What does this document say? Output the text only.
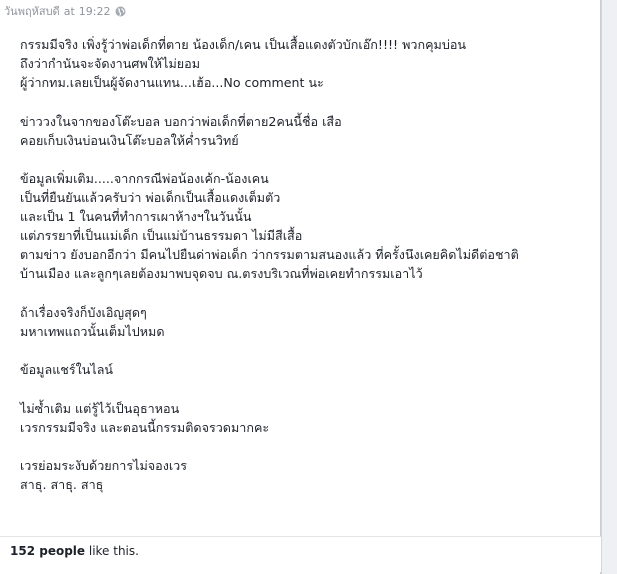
วันพฤหัสบดี at 19:22

กรรมมีจริง เพิ่งรู้ว่าพ่อเด็กที่ตาย น้องเด็ก/เคน เป็นเสื้อแดงตัวบักเอ๊ก!!!! พวกคุมบ่อน

ถึงว่ากำนันจะจัดงานศพให้ไม่ยอม

ผู้ว่ากทม.เลยเป็นผู้จัดงานแทน...เฮ้อ...No comment นะ

ข่าววงในจากของโต๊ะบอล บอกว่าพ่อเด็กที่ตาย2คนนี้ชื่อ เสือ

คอยเก็บเงินบ่อนเงินโต๊ะบอลให้ค่ำรนวิทย์

ข้อมูลเพิ่มเติม.....จากกรณีพ่อน้องเค้ก-น้องเคน

เป็นที่ยืนยันแล้วครับว่า พ่อเด็กเป็นเสื้อแดงเต็มตัว

และเป็น 1 ในคนที่ทำการเผาห้างฯในวันนั้น

แต่ภรรยาที่เป็นแม่เด็ก เป็นแม่บ้านธรรมดา ไม่มีสีเสื้อ

ตามข่าว ยังบอกอีกว่า มีคนไปยืนด่าพ่อเด็ก ว่ากรรมตามสนองแล้ว ที่ครั้งนึงเคยคิดไม่ดีต่อชาติ

บ้านเมือง และลูกๆเลยต้องมาพบจุดจบ ณ.ตรงบริเวณที่พ่อเคยทำกรรมเอาไว้

ถ้าเรื่องจริงก็บังเอิญสุดๆ

มหาเทพแถวนั้นเต็มไปหมด

ข้อมูลแชร์ในไลน์

ไม่ซ้ำเติม แต่รู้ไว้เป็นอุธาหอน

เวรกรรมมีจริง และตอนนี้กรรมติดจรวดมากคะ

เวรย่อมระงับด้วยการไม่จองเวร

สาธุ. สาธุ. สาธุ

152 people like this.
